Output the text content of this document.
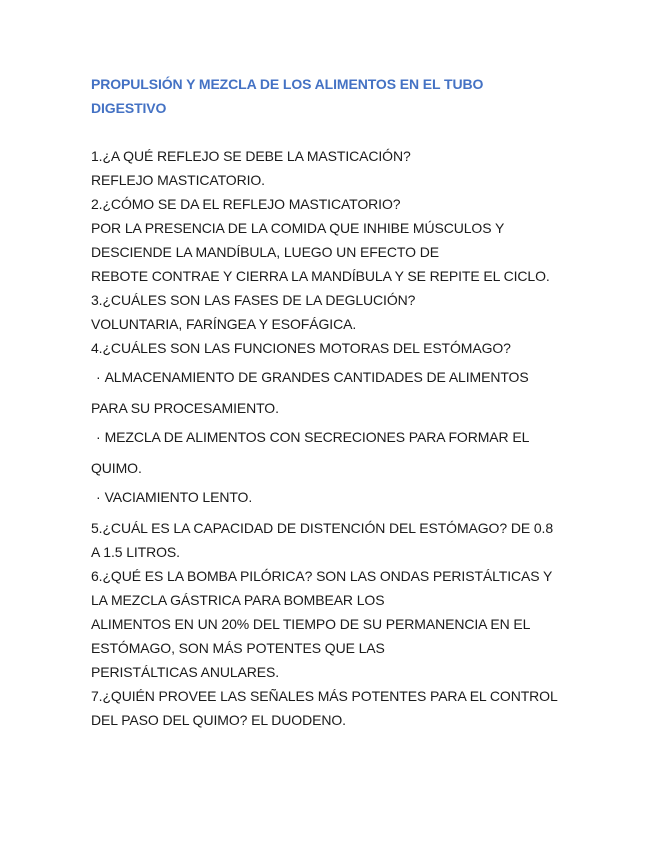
PROPULSIÓN Y MEZCLA DE LOS ALIMENTOS EN EL TUBO
DIGESTIVO
1.¿A QUÉ REFLEJO SE DEBE LA MASTICACIÓN?
REFLEJO MASTICATORIO.
2.¿CÓMO SE DA EL REFLEJO MASTICATORIO?
POR LA PRESENCIA DE LA COMIDA QUE INHIBE MÚSCULOS Y
DESCIENDE LA MANDÍBULA, LUEGO UN EFECTO DE
REBOTE CONTRAE Y CIERRA LA MANDÍBULA Y SE REPITE EL CICLO.
3.¿CUÁLES SON LAS FASES DE LA DEGLUCIÓN?
VOLUNTARIA, FARÍNGEA Y ESOFÁGICA.
4.¿CUÁLES SON LAS FUNCIONES MOTORAS DEL ESTÓMAGO?
· ALMACENAMIENTO DE GRANDES CANTIDADES DE ALIMENTOS
PARA SU PROCESAMIENTO.
· MEZCLA DE ALIMENTOS CON SECRECIONES PARA FORMAR EL
QUIMO.
· VACIAMIENTO LENTO.
5.¿CUÁL ES LA CAPACIDAD DE DISTENCIÓN DEL ESTÓMAGO? DE 0.8
A 1.5 LITROS.
6.¿QUÉ ES LA BOMBA PILÓRICA? SON LAS ONDAS PERISTÁLTICAS Y
LA MEZCLA GÁSTRICA PARA BOMBEAR LOS
ALIMENTOS EN UN 20% DEL TIEMPO DE SU PERMANENCIA EN EL
ESTÓMAGO, SON MÁS POTENTES QUE LAS
PERISTÁLTICAS ANULARES.
7.¿QUIÉN PROVEE LAS SEÑALES MÁS POTENTES PARA EL CONTROL
DEL PASO DEL QUIMO? EL DUODENO.
